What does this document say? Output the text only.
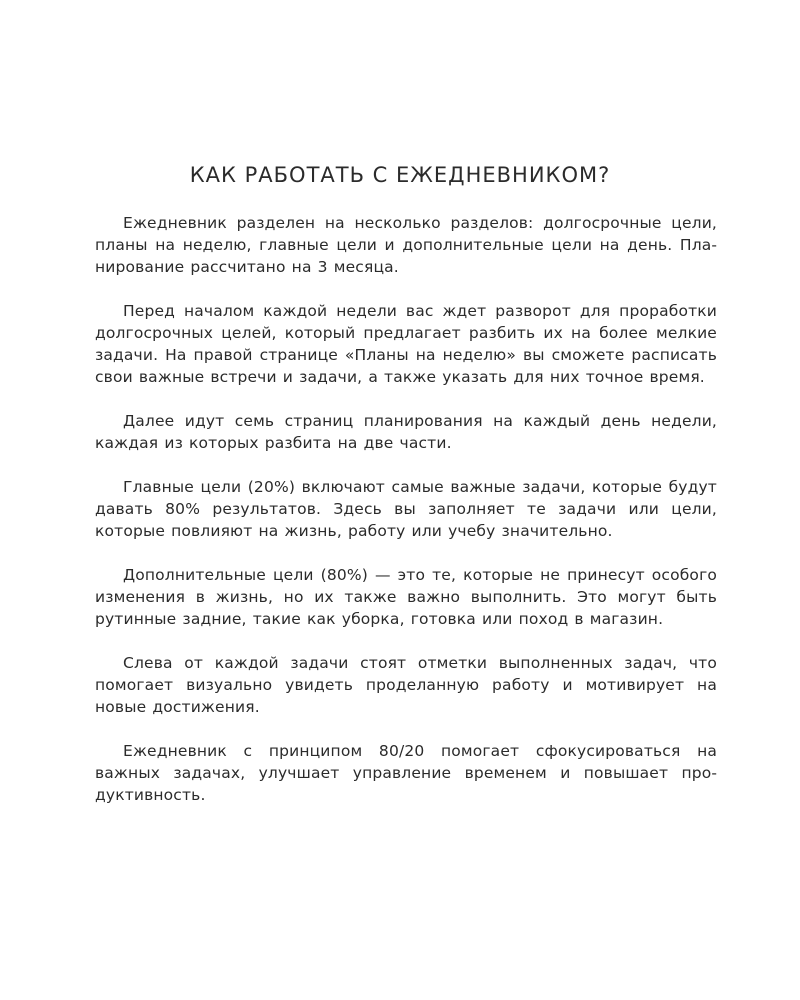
КАК РАБОТАТЬ С ЕЖЕДНЕВНИКОМ?

Ежедневник разделен на несколько разделов: долгосрочные цели, планы на неделю, главные цели и дополнительные цели на день. Планирование рассчитано на 3 месяца.

Перед началом каждой недели вас ждет разворот для проработки долгосрочных целей, который предлагает разбить их на более мелкие задачи. На правой странице «Планы на неделю» вы сможете расписать свои важные встречи и задачи, а также указать для них точное время.

Далее идут семь страниц планирования на каждый день недели, каждая из которых разбита на две части.

Главные цели (20%) включают самые важные задачи, которые будут давать 80% результатов. Здесь вы заполняет те задачи или цели, которые повлияют на жизнь, работу или учебу значительно.

Дополнительные цели (80%) — это те, которые не принесут особого изменения в жизнь, но их также важно выполнить. Это могут быть рутинные задние, такие как уборка, готовка или поход в магазин.

Слева от каждой задачи стоят отметки выполненных задач, что помогает визуально увидеть проделанную работу и мотивирует на новые достижения.

Ежедневник с принципом 80/20 помогает сфокусироваться на важных задачах, улучшает управление временем и повышает продуктивность.
